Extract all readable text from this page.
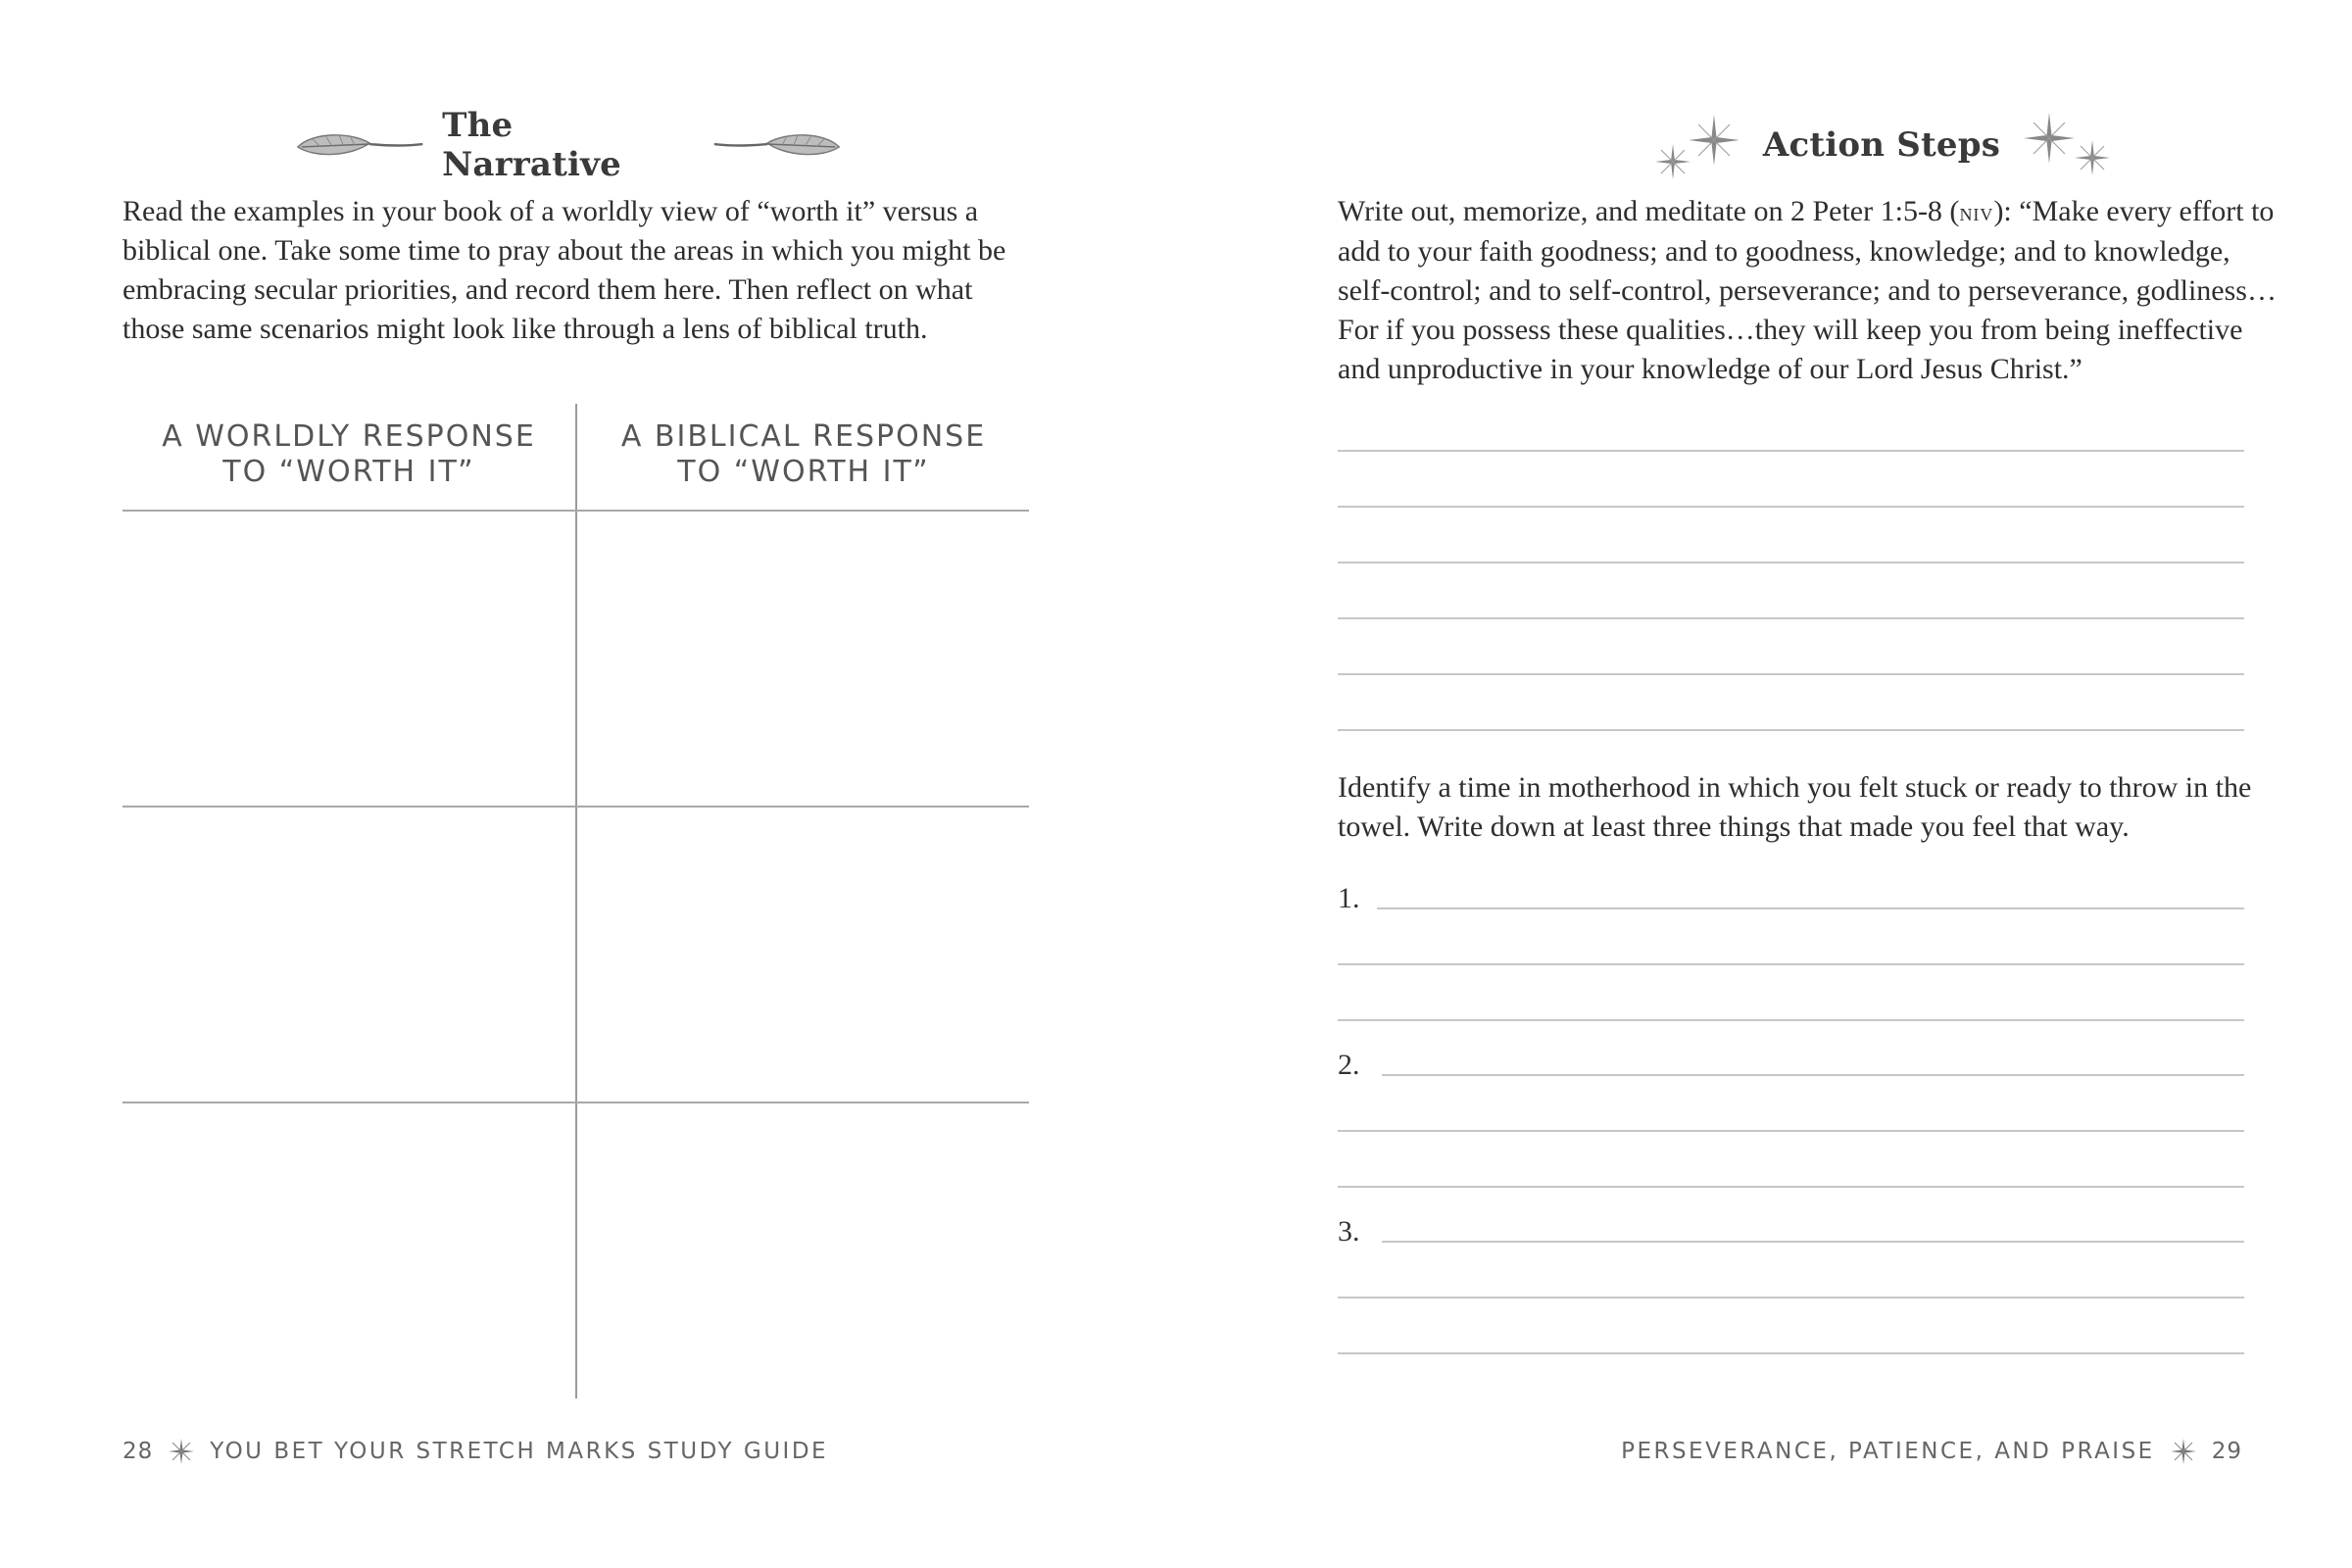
The Narrative
Read the examples in your book of a worldly view of “worth it” versus a biblical one. Take some time to pray about the areas in which you might be embracing secular priorities, and record them here. Then reflect on what those same scenarios might look like through a lens of biblical truth.
A WORLDLY RESPONSE
TO “WORTH IT”
A BIBLICAL RESPONSE
TO “WORTH IT”
28	YOU BET YOUR STRETCH MARKS STUDY GUIDE
Action Steps
Write out, memorize, and meditate on 2 Peter 1:5-8 (niv): “Make every effort to add to your faith goodness; and to goodness, knowledge; and to knowledge, self-control; and to self-control, perseverance; and to perseverance, godliness… For if you possess these qualities…they will keep you from being ineffective and unproductive in your knowledge of our Lord Jesus Christ.”
Identify a time in motherhood in which you felt stuck or ready to throw in the towel. Write down at least three things that made you feel that way.
1.
2.
3.
PERSEVERANCE, PATIENCE, AND PRAISE	29
